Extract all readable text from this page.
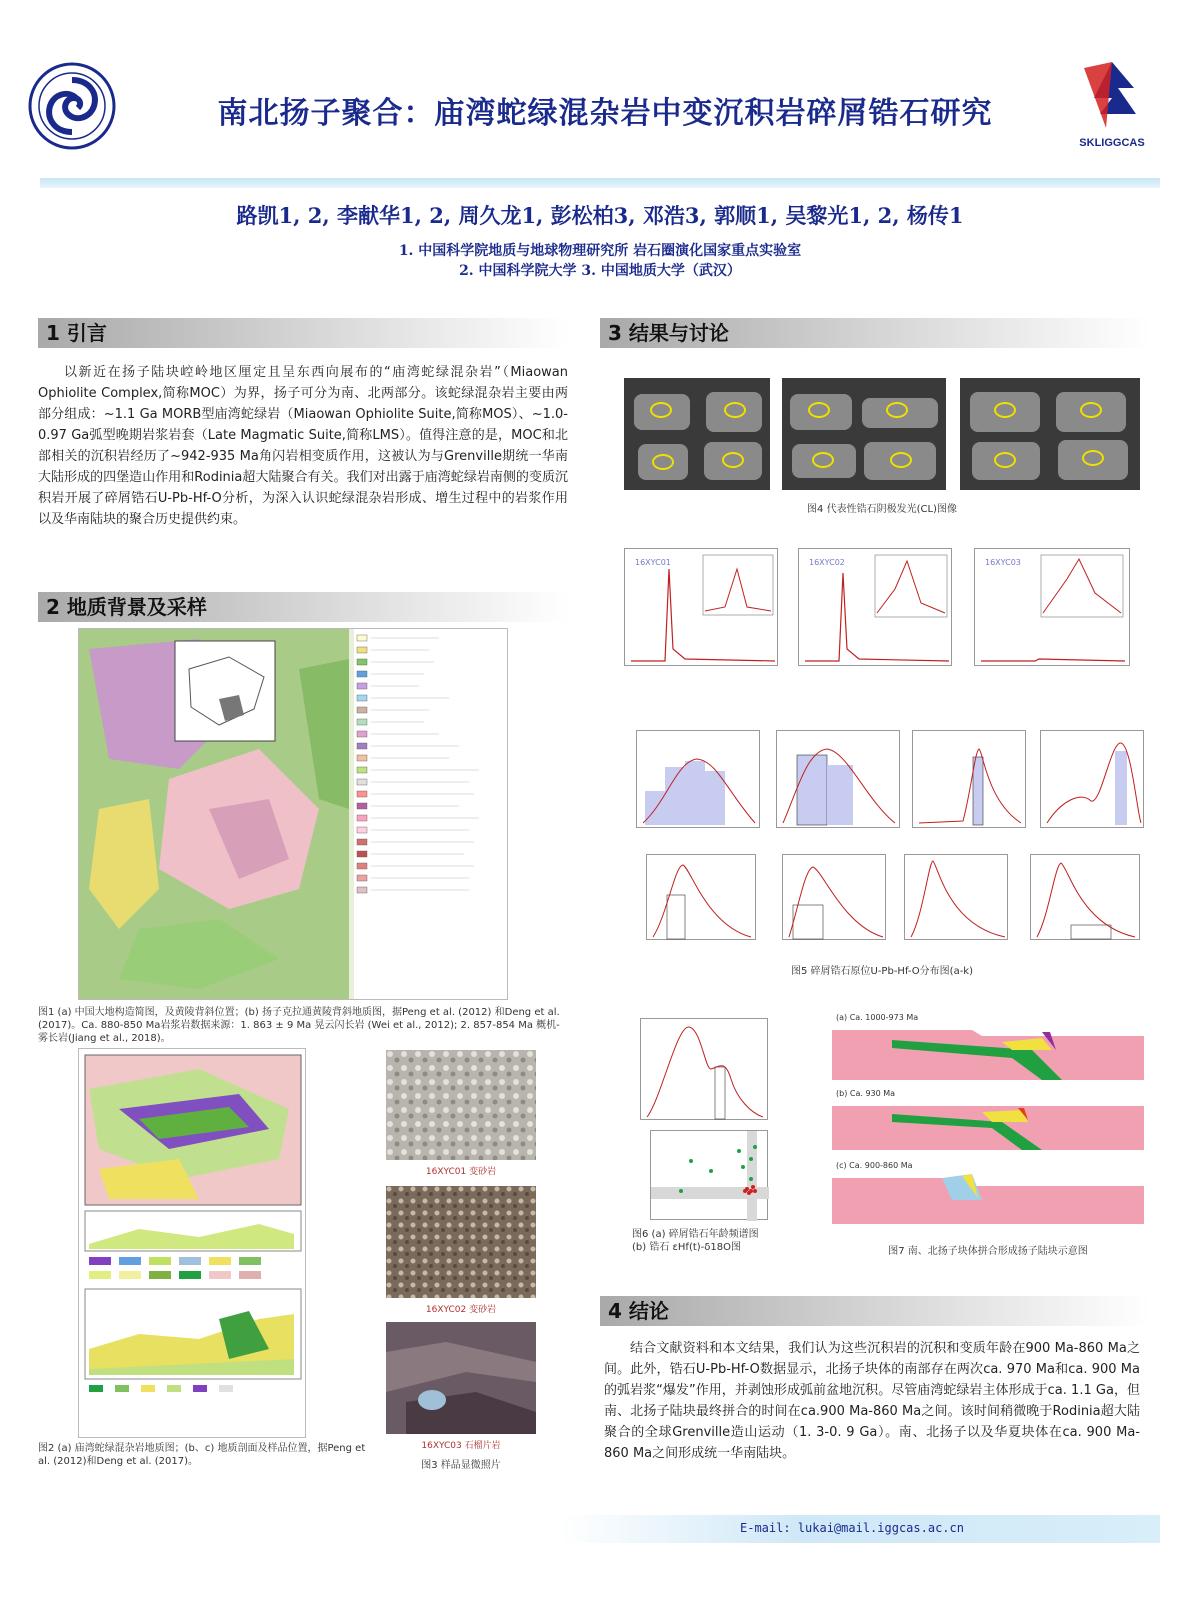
南北扬子聚合：庙湾蛇绿混杂岩中变沉积岩碎屑锆石研究
SKLIGGCAS
路凯1, 2, 李献华1, 2, 周久龙1, 彭松柏3, 邓浩3, 郭顺1, 吴黎光1, 2, 杨传1
1. 中国科学院地质与地球物理研究所 岩石圈演化国家重点实验室
2. 中国科学院大学 3. 中国地质大学（武汉）
1 引言
以新近在扬子陆块崆岭地区厘定且呈东西向展布的“庙湾蛇绿混杂岩”（Miaowan Ophiolite Complex,简称MOC）为界，扬子可分为南、北两部分。该蛇绿混杂岩主要由两部分组成：~1.1 Ga MORB型庙湾蛇绿岩（Miaowan Ophiolite Suite,简称MOS）、~1.0-0.97 Ga弧型晚期岩浆岩套（Late Magmatic Suite,简称LMS）。值得注意的是，MOC和北部相关的沉积岩经历了~942-935 Ma角闪岩相变质作用，这被认为与Grenville期统一华南大陆形成的四堡造山作用和Rodinia超大陆聚合有关。我们对出露于庙湾蛇绿岩南侧的变质沉积岩开展了碎屑锆石U-Pb-Hf-O分析，为深入认识蛇绿混杂岩形成、增生过程中的岩浆作用以及华南陆块的聚合历史提供约束。
2 地质背景及采样
图1 (a) 中国大地构造简图，及黄陵背斜位置；(b) 扬子克拉通黄陵背斜地质图，据Peng et al. (2012) 和Deng et al. (2017)。Ca. 880-850 Ma岩浆岩数据来源：1. 863 ± 9 Ma 晃云闪长岩 (Wei et al., 2012); 2. 857-854 Ma 概机-雾长岩(Jiang et al., 2018)。
图2 (a) 庙湾蛇绿混杂岩地质图；(b、c) 地质剖面及样品位置，据Peng et al. (2012)和Deng et al. (2017)。
16XYC01 变砂岩
16XYC02 变砂岩
16XYC03 石榴片岩
图3 样品显微照片
3 结果与讨论
图4 代表性锆石阴极发光(CL)图像
16XYC01	16XYC02	16XYC03
图5 碎屑锆石原位U-Pb-Hf-O分布图(a-k)
图6 (a) 碎屑锆石年龄频谱图
(b) 锆石 εHf(t)-δ18O图
(a) Ca. 1000-973 Ma
(b) Ca. 930 Ma
(c) Ca. 900-860 Ma
图7 南、北扬子块体拼合形成扬子陆块示意图
4 结论
结合文献资料和本文结果，我们认为这些沉积岩的沉积和变质年龄在900 Ma-860 Ma之间。此外，锆石U-Pb-Hf-O数据显示，北扬子块体的南部存在两次ca. 970 Ma和ca. 900 Ma的弧岩浆“爆发”作用，并剥蚀形成弧前盆地沉积。尽管庙湾蛇绿岩主体形成于ca. 1.1 Ga，但南、北扬子陆块最终拼合的时间在ca.900 Ma-860 Ma之间。该时间稍微晚于Rodinia超大陆聚合的全球Grenville造山运动（1. 3-0. 9 Ga）。南、北扬子以及华夏块体在ca. 900 Ma-860 Ma之间形成统一华南陆块。
E-mail: lukai@mail.iggcas.ac.cn
